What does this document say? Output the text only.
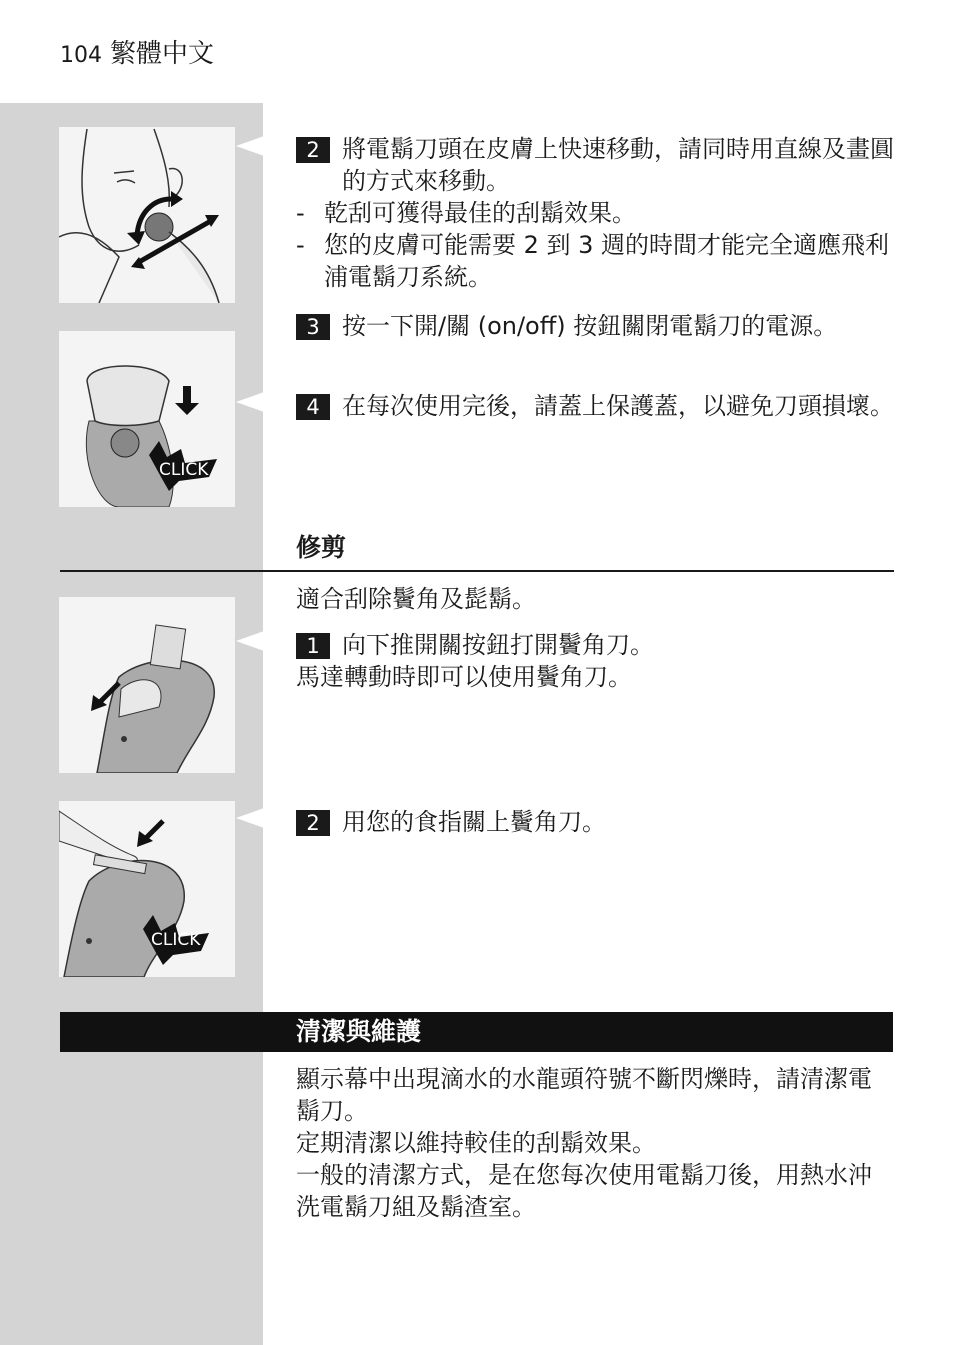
104 繁體中文
CLICK
CLICK

2 將電鬍刀頭在皮膚上快速移動，請同時用直線及畫圓的方式來移動。

- 乾刮可獲得最佳的刮鬍效果。

- 您的皮膚可能需要 2 到 3 週的時間才能完全適應飛利浦電鬍刀系統。

3 按一下開/關 (on/off) 按鈕關閉電鬍刀的電源。

4 在每次使用完後，請蓋上保護蓋，以避免刀頭損壞。

修剪

適合刮除鬢角及髭鬍。

1 向下推開關按鈕打開鬢角刀。

馬達轉動時即可以使用鬢角刀。

2 用您的食指關上鬢角刀。

清潔與維護

顯示幕中出現滴水的水龍頭符號不斷閃爍時，請清潔電鬍刀。

定期清潔以維持較佳的刮鬍效果。

一般的清潔方式，是在您每次使用電鬍刀後，用熱水沖洗電鬍刀組及鬍渣室。
